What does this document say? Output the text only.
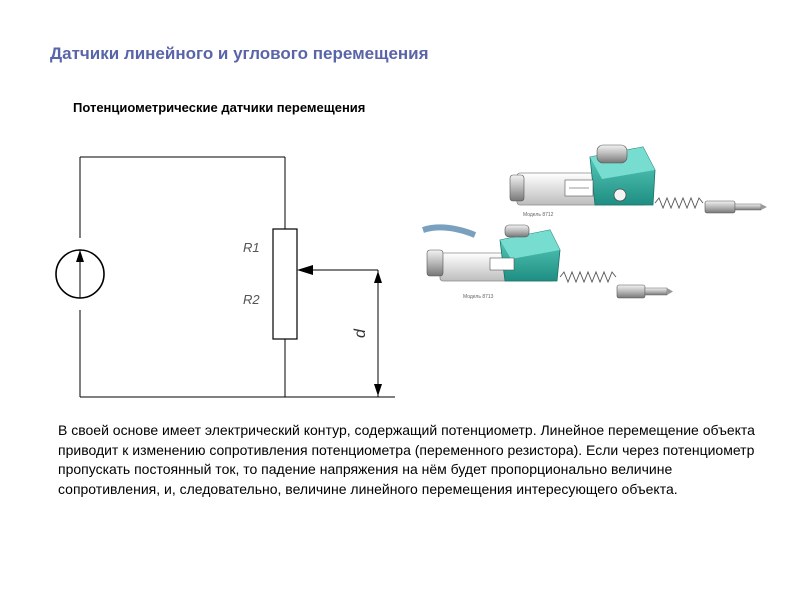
Датчики линейного и углового перемещения
Потенциометрические датчики перемещения
R1
R2
d
Модель 8712
Модель 8713

В своей основе имеет электрический контур, содержащий потенциометр. Линейное перемещение объекта приводит к изменению сопротивления потенциометра (переменного резистора). Если через потенциометр пропускать постоянный ток, то падение напряжения на нём будет пропорционально величине сопротивления, и, следовательно, величине линейного перемещения интересующего объекта.
